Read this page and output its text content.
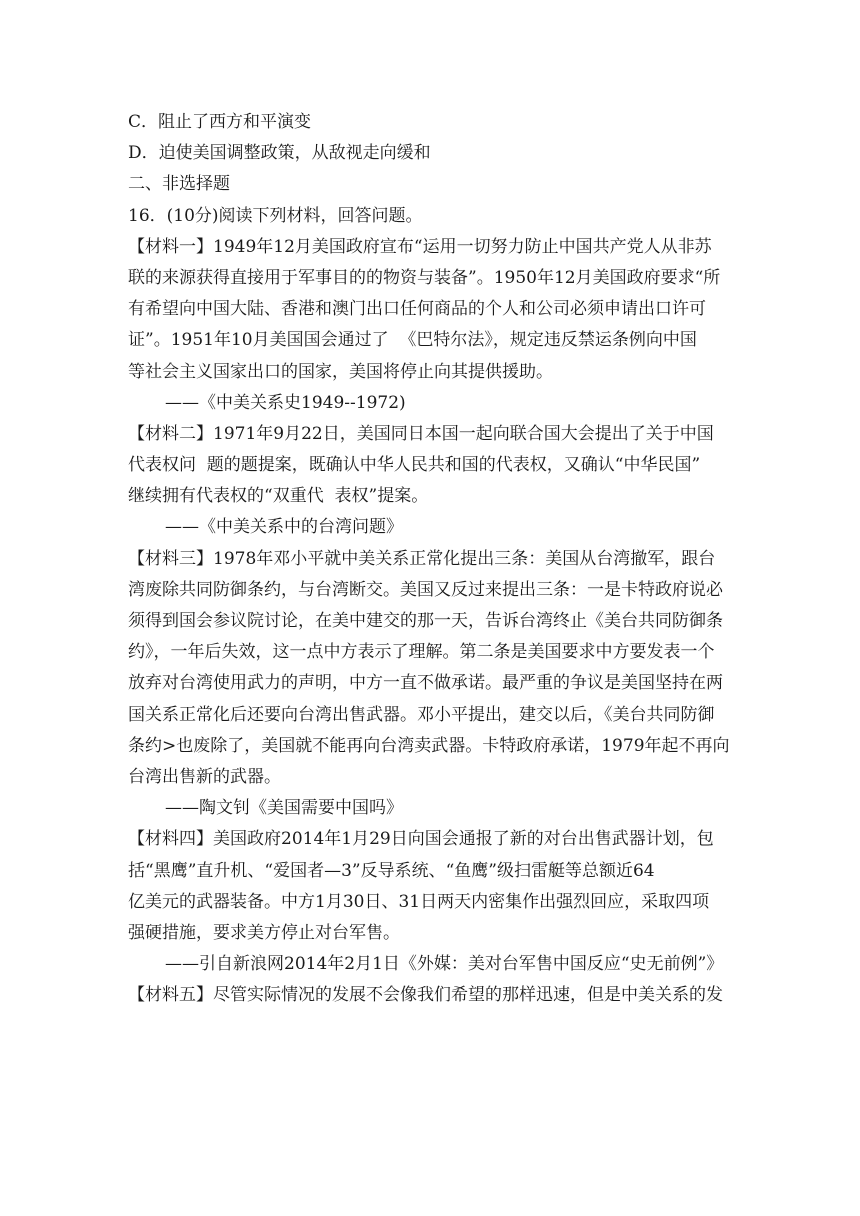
C．阻止了西方和平演变
D．迫使美国调整政策，从敌视走向缓和
二、非选择题
16．(10分)阅读下列材料，回答问题。
【材料一】1949年12月美国政府宣布“运用一切努力防止中国共产党人从非苏
联的来源获得直接用于军事目的的物资与装备”。1950年12月美国政府要求“所
有希望向中国大陆、香港和澳门出口任何商品的个人和公司必须申请出口许可
证”。1951年10月美国国会通过了  《巴特尔法》，规定违反禁运条例向中国
等社会主义国家出口的国家，美国将停止向其提供援助。
——《中美关系史1949--1972)
【材料二】1971年9月22日，美国同日本国一起向联合国大会提出了关于中国
代表权问  题的题提案，既确认中华人民共和国的代表权，又确认“中华民国”
继续拥有代表权的“双重代  表权”提案。
——《中美关系中的台湾问题》
【材料三】1978年邓小平就中美关系正常化提出三条：美国从台湾撤军，跟台
湾废除共同防御条约，与台湾断交。美国又反过来提出三条：一是卡特政府说必
须得到国会参议院讨论，在美中建交的那一天，告诉台湾终止《美台共同防御条
约》，一年后失效，这一点中方表示了理解。第二条是美国要求中方要发表一个
放弃对台湾使用武力的声明，中方一直不做承诺。最严重的争议是美国坚持在两
国关系正常化后还要向台湾出售武器。邓小平提出，建交以后，《美台共同防御
条约>也废除了，美国就不能再向台湾卖武器。卡特政府承诺，1979年起不再向
台湾出售新的武器。
——陶文钊《美国需要中国吗》
【材料四】美国政府2014年1月29日向国会通报了新的对台出售武器计划，包
括“黑鹰”直升机、“爱国者—3”反导系统、“鱼鹰”级扫雷艇等总额近64
亿美元的武器装备。中方1月30日、31日两天内密集作出强烈回应，采取四项
强硬措施，要求美方停止对台军售。
——引自新浪网2014年2月1日《外媒：美对台军售中国反应“史无前例”》
【材料五】尽管实际情况的发展不会像我们希望的那样迅速，但是中美关系的发
